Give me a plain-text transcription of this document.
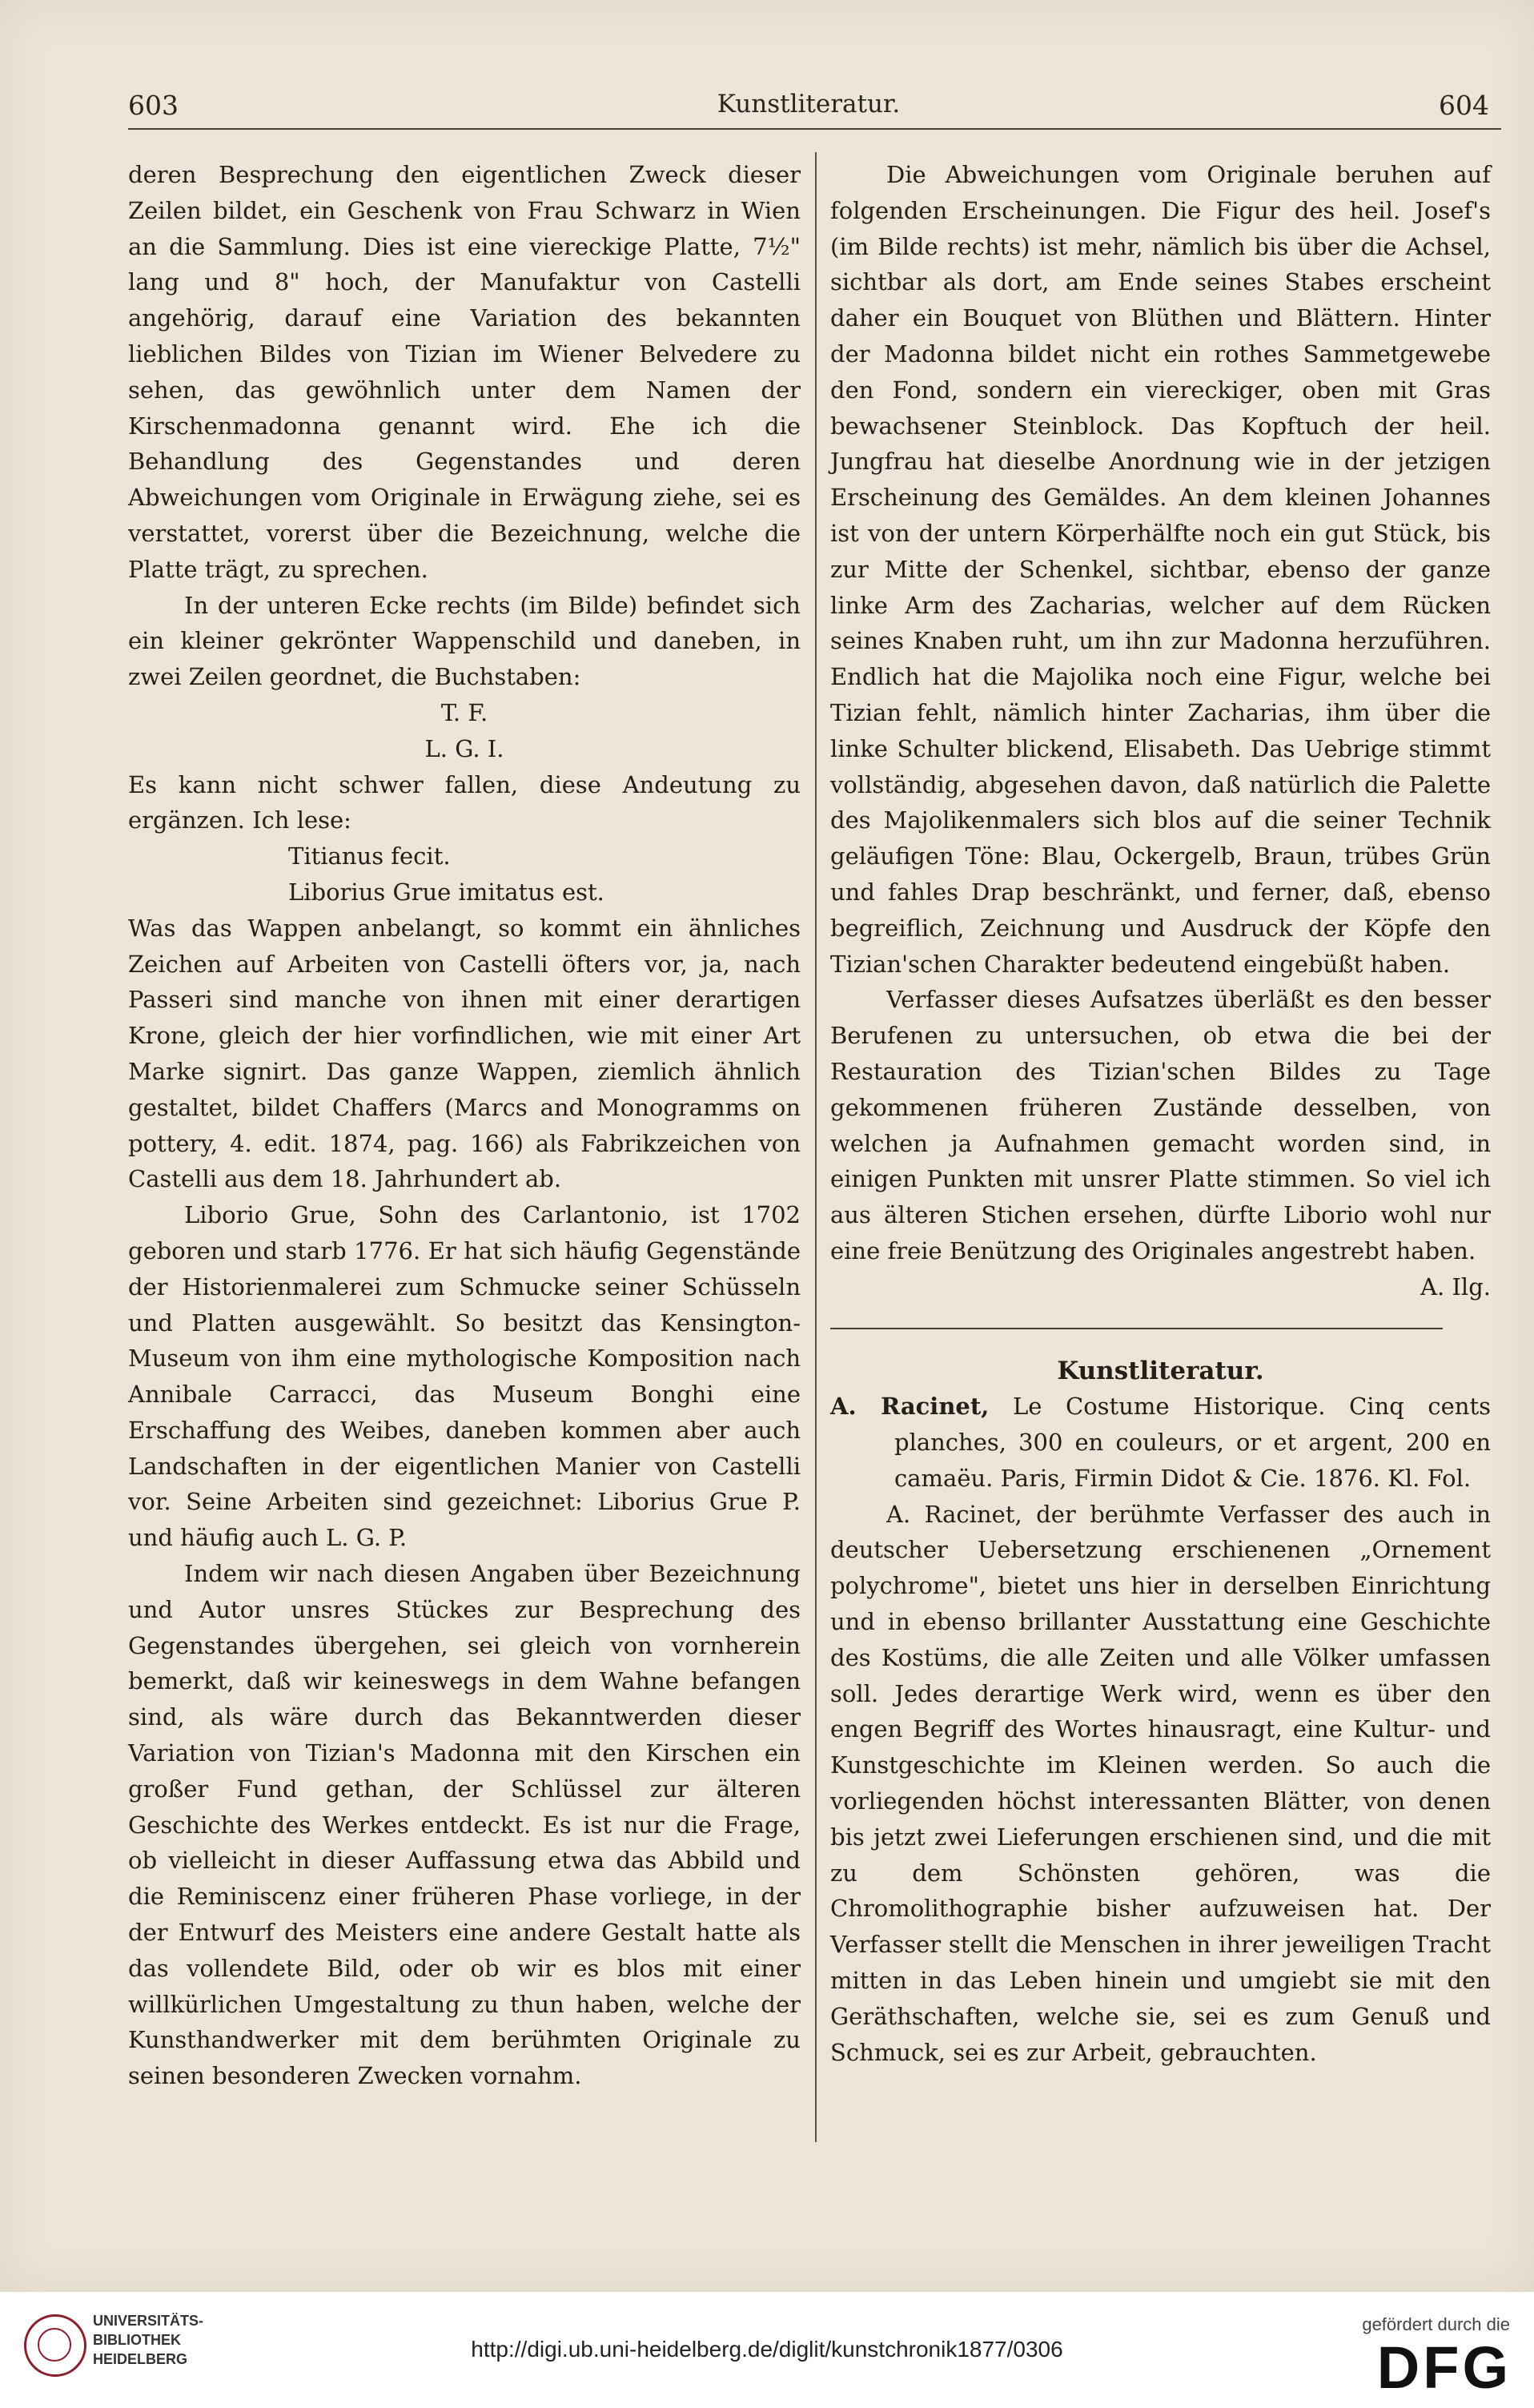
603	Kunstliteratur.	604

deren Besprechung den eigentlichen Zweck dieser Zeilen bildet, ein Geschenk von Frau Schwarz in Wien an die Sammlung. Dies ist eine viereckige Platte, 7½" lang und 8" hoch, der Manufaktur von Castelli angehörig, darauf eine Variation des bekannten lieblichen Bildes von Tizian im Wiener Belvedere zu sehen, das gewöhnlich unter dem Namen der Kirschenmadonna genannt wird. Ehe ich die Behandlung des Gegenstandes und deren Abweichungen vom Originale in Erwägung ziehe, sei es verstattet, vorerst über die Bezeichnung, welche die Platte trägt, zu sprechen.

In der unteren Ecke rechts (im Bilde) befindet sich ein kleiner gekrönter Wappenschild und daneben, in zwei Zeilen geordnet, die Buchstaben:

T. F.

L. G. I.

Es kann nicht schwer fallen, diese Andeutung zu ergänzen. Ich lese:

Titianus fecit.

Liborius Grue imitatus est.

Was das Wappen anbelangt, so kommt ein ähnliches Zeichen auf Arbeiten von Castelli öfters vor, ja, nach Passeri sind manche von ihnen mit einer derartigen Krone, gleich der hier vorfindlichen, wie mit einer Art Marke signirt. Das ganze Wappen, ziemlich ähnlich gestaltet, bildet Chaffers (Marcs and Monogramms on pottery, 4. edit. 1874, pag. 166) als Fabrikzeichen von Castelli aus dem 18. Jahrhundert ab.

Liborio Grue, Sohn des Carlantonio, ist 1702 geboren und starb 1776. Er hat sich häufig Gegenstände der Historienmalerei zum Schmucke seiner Schüsseln und Platten ausgewählt. So besitzt das Kensington-Museum von ihm eine mythologische Komposition nach Annibale Carracci, das Museum Bonghi eine Erschaffung des Weibes, daneben kommen aber auch Landschaften in der eigentlichen Manier von Castelli vor. Seine Arbeiten sind gezeichnet: Liborius Grue P. und häufig auch L. G. P.

Indem wir nach diesen Angaben über Bezeichnung und Autor unsres Stückes zur Besprechung des Gegenstandes übergehen, sei gleich von vornherein bemerkt, daß wir keineswegs in dem Wahne befangen sind, als wäre durch das Bekanntwerden dieser Variation von Tizian's Madonna mit den Kirschen ein großer Fund gethan, der Schlüssel zur älteren Geschichte des Werkes entdeckt. Es ist nur die Frage, ob vielleicht in dieser Auffassung etwa das Abbild und die Reminiscenz einer früheren Phase vorliege, in der der Entwurf des Meisters eine andere Gestalt hatte als das vollendete Bild, oder ob wir es blos mit einer willkürlichen Umgestaltung zu thun haben, welche der Kunsthandwerker mit dem berühmten Originale zu seinen besonderen Zwecken vornahm.

Die Abweichungen vom Originale beruhen auf folgenden Erscheinungen. Die Figur des heil. Josef's (im Bilde rechts) ist mehr, nämlich bis über die Achsel, sichtbar als dort, am Ende seines Stabes erscheint daher ein Bouquet von Blüthen und Blättern. Hinter der Madonna bildet nicht ein rothes Sammetgewebe den Fond, sondern ein viereckiger, oben mit Gras bewachsener Steinblock. Das Kopftuch der heil. Jungfrau hat dieselbe Anordnung wie in der jetzigen Erscheinung des Gemäldes. An dem kleinen Johannes ist von der untern Körperhälfte noch ein gut Stück, bis zur Mitte der Schenkel, sichtbar, ebenso der ganze linke Arm des Zacharias, welcher auf dem Rücken seines Knaben ruht, um ihn zur Madonna herzuführen. Endlich hat die Majolika noch eine Figur, welche bei Tizian fehlt, nämlich hinter Zacharias, ihm über die linke Schulter blickend, Elisabeth. Das Uebrige stimmt vollständig, abgesehen davon, daß natürlich die Palette des Majolikenmalers sich blos auf die seiner Technik geläufigen Töne: Blau, Ockergelb, Braun, trübes Grün und fahles Drap beschränkt, und ferner, daß, ebenso begreiflich, Zeichnung und Ausdruck der Köpfe den Tizian'schen Charakter bedeutend eingebüßt haben.

Verfasser dieses Aufsatzes überläßt es den besser Berufenen zu untersuchen, ob etwa die bei der Restauration des Tizian'schen Bildes zu Tage gekommenen früheren Zustände desselben, von welchen ja Aufnahmen gemacht worden sind, in einigen Punkten mit unsrer Platte stimmen. So viel ich aus älteren Stichen ersehen, dürfte Liborio wohl nur eine freie Benützung des Originales angestrebt haben.

A. Ilg.

Kunstliteratur.

A. Racinet, Le Costume Historique. Cinq cents planches, 300 en couleurs, or et argent, 200 en camaëu. Paris, Firmin Didot & Cie. 1876. Kl. Fol.

A. Racinet, der berühmte Verfasser des auch in deutscher Uebersetzung erschienenen „Ornement polychrome", bietet uns hier in derselben Einrichtung und in ebenso brillanter Ausstattung eine Geschichte des Kostüms, die alle Zeiten und alle Völker umfassen soll. Jedes derartige Werk wird, wenn es über den engen Begriff des Wortes hinausragt, eine Kultur- und Kunstgeschichte im Kleinen werden. So auch die vorliegenden höchst interessanten Blätter, von denen bis jetzt zwei Lieferungen erschienen sind, und die mit zu dem Schönsten gehören, was die Chromolithographie bisher aufzuweisen hat. Der Verfasser stellt die Menschen in ihrer jeweiligen Tracht mitten in das Leben hinein und umgiebt sie mit den Geräthschaften, welche sie, sei es zum Genuß und Schmuck, sei es zur Arbeit, gebrauchten.

UNIVERSITÄTS-
BIBLIOTHEK
HEIDELBERG	http://digi.ub.uni-heidelberg.de/diglit/kunstchronik1877/0306
gefördert durch die
DFG
